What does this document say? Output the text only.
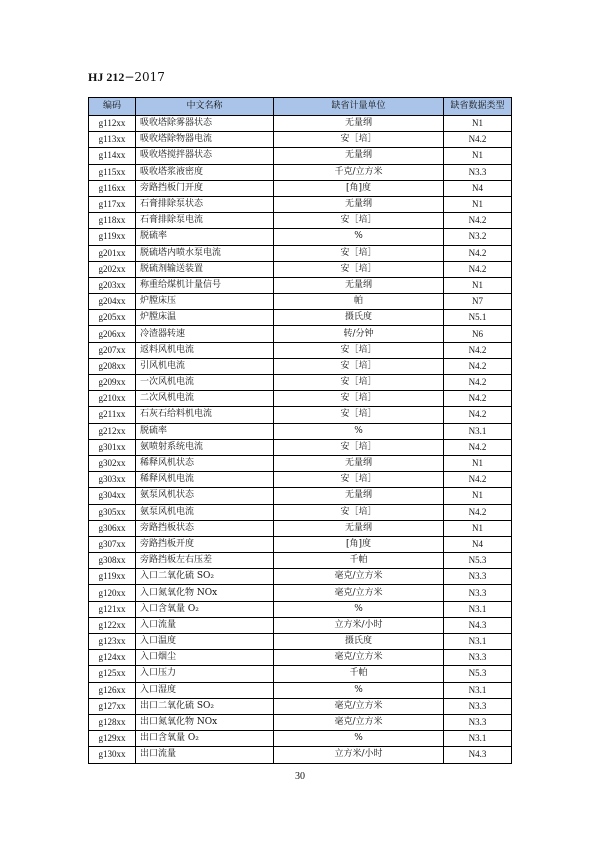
HJ 212−2017
编码	中文名称	缺省计量单位	缺省数据类型
g112xx	吸收塔除雾器状态	无量纲	N1
g113xx	吸收塔除物器电流	安［培］	N4.2
g114xx	吸收塔搅拌器状态	无量纲	N1
g115xx	吸收塔浆液密度	千克/立方米	N3.3
g116xx	旁路挡板门开度	[角]度	N4
g117xx	石膏排除泵状态	无量纲	N1
g118xx	石膏排除泵电流	安［培］	N4.2
g119xx	脱硫率	%	N3.2
g201xx	脱硫塔内喷水泵电流	安［培］	N4.2
g202xx	脱硫剂输送装置	安［培］	N4.2
g203xx	称重给煤机计量信号	无量纲	N1
g204xx	炉膛床压	帕	N7
g205xx	炉膛床温	摄氏度	N5.1
g206xx	冷渣器转速	转/分钟	N6
g207xx	返料风机电流	安［培］	N4.2
g208xx	引风机电流	安［培］	N4.2
g209xx	一次风机电流	安［培］	N4.2
g210xx	二次风机电流	安［培］	N4.2
g211xx	石灰石给料机电流	安［培］	N4.2
g212xx	脱硫率	%	N3.1
g301xx	氨喷射系统电流	安［培］	N4.2
g302xx	稀释风机状态	无量纲	N1
g303xx	稀释风机电流	安［培］	N4.2
g304xx	氨泵风机状态	无量纲	N1
g305xx	氨泵风机电流	安［培］	N4.2
g306xx	旁路挡板状态	无量纲	N1
g307xx	旁路挡板开度	[角]度	N4
g308xx	旁路挡板左右压差	千帕	N5.3
g119xx	入口二氧化硫 SO₂	毫克/立方米	N3.3
g120xx	入口氮氧化物 NOx	毫克/立方米	N3.3
g121xx	入口含氧量 O₂	%	N3.1
g122xx	入口流量	立方米/小时	N4.3
g123xx	入口温度	摄氏度	N3.1
g124xx	入口烟尘	毫克/立方米	N3.3
g125xx	入口压力	千帕	N5.3
g126xx	入口湿度	%	N3.1
g127xx	出口二氧化硫 SO₂	毫克/立方米	N3.3
g128xx	出口氮氧化物 NOx	毫克/立方米	N3.3
g129xx	出口含氧量 O₂	%	N3.1
g130xx	出口流量	立方米/小时	N4.3
30
